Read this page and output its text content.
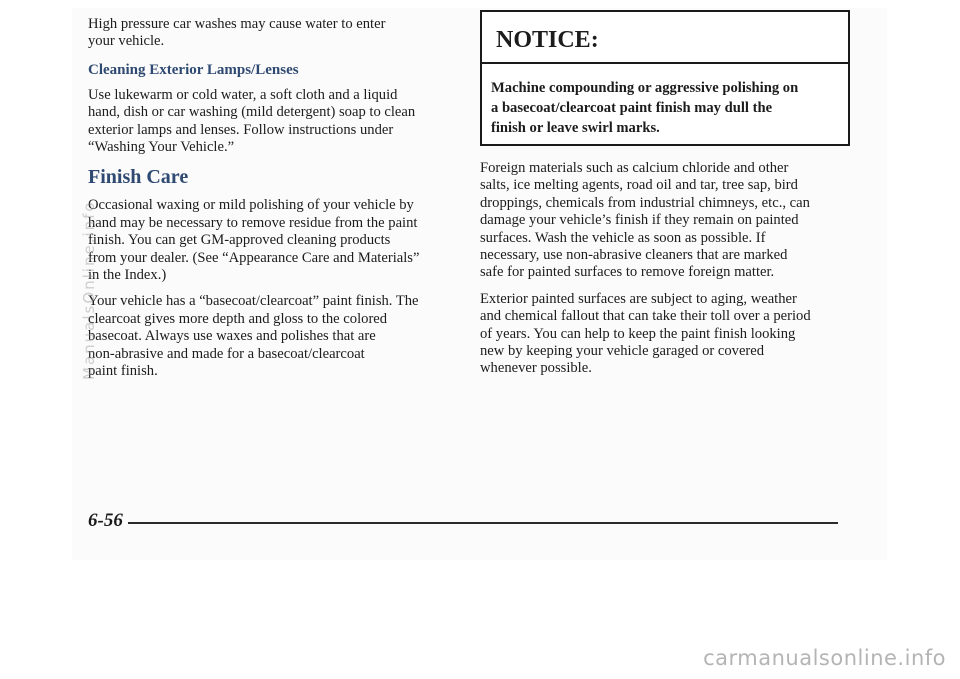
High pressure car washes may cause water to enter
your vehicle.

Cleaning Exterior Lamps/Lenses

Use lukewarm or cold water, a soft cloth and a liquid
hand, dish or car washing (mild detergent) soap to clean
exterior lamps and lenses. Follow instructions under
“Washing Your Vehicle.”

Finish Care

Occasional waxing or mild polishing of your vehicle by
hand may be necessary to remove residue from the paint
finish. You can get GM-approved cleaning products
from your dealer. (See “Appearance Care and Materials”
in the Index.)

Your vehicle has a “basecoat/clearcoat” paint finish. The
clearcoat gives more depth and gloss to the colored
basecoat. Always use waxes and polishes that are
non-abrasive and made for a basecoat/clearcoat
paint finish.

NOTICE:
Machine compounding or aggressive polishing on
a basecoat/clearcoat paint finish may dull the
finish or leave swirl marks.

Foreign materials such as calcium chloride and other
salts, ice melting agents, road oil and tar, tree sap, bird
droppings, chemicals from industrial chimneys, etc., can
damage your vehicle’s finish if they remain on painted
surfaces. Wash the vehicle as soon as possible. If
necessary, use non-abrasive cleaners that are marked
safe for painted surfaces to remove foreign matter.

Exterior painted surfaces are subject to aging, weather
and chemical fallout that can take their toll over a period
of years. You can help to keep the paint finish looking
new by keeping your vehicle garaged or covered
whenever possible.

6-56
ManualsOnline.info
carmanualsonline.info
